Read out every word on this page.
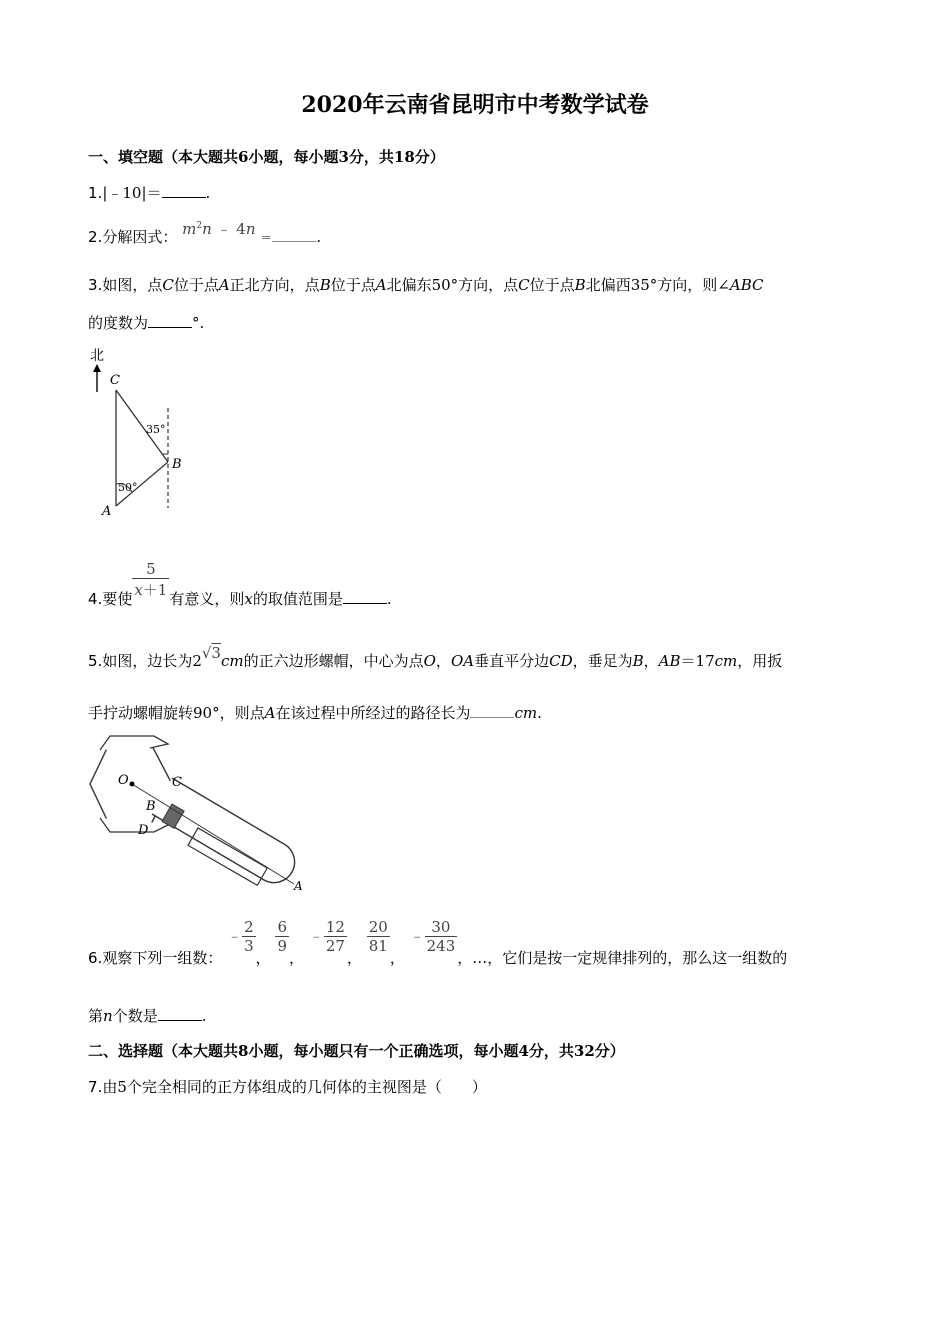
2020年云南省昆明市中考数学试卷
一、填空题（本大题共6小题，每小题3分，共18分）
1.|﹣10|＝	.
2.分解因式： $m^2n$ ﹣ 4n ＝	.
3.如图，点C位于点A正北方向，点B位于点A北偏东50°方向，点C位于点B北偏西35°方向，则∠ABC
的度数为	°.
北
C
35°
50°
B
A
4.要使 $\frac{5}{x+1}$ 有意义，则x的取值范围是	.
5.如图，边长为2√3cm的正六边形螺帽，中心为点O，OA垂直平分边CD，垂足为B，AB＝17cm，用扳
手拧动螺帽旋转90°，则点A在该过程中所经过的路径长为	cm.
O	C
B
D
A
6.观察下列一组数： ﹣ $\frac{2}{3}$
，
$\frac{6}{9}$
， ﹣ $\frac{12}{27}$
，
$\frac{20}{81}$
， ﹣ $\frac{30}{243}$
，…，它们是按一定规律排列的，那么这一组数的
第n个数是	.
二、选择题（本大题共8小题，每小题只有一个正确选项，每小题4分，共32分）
7.由5个完全相同的正方体组成的几何体的主视图是（　　）
